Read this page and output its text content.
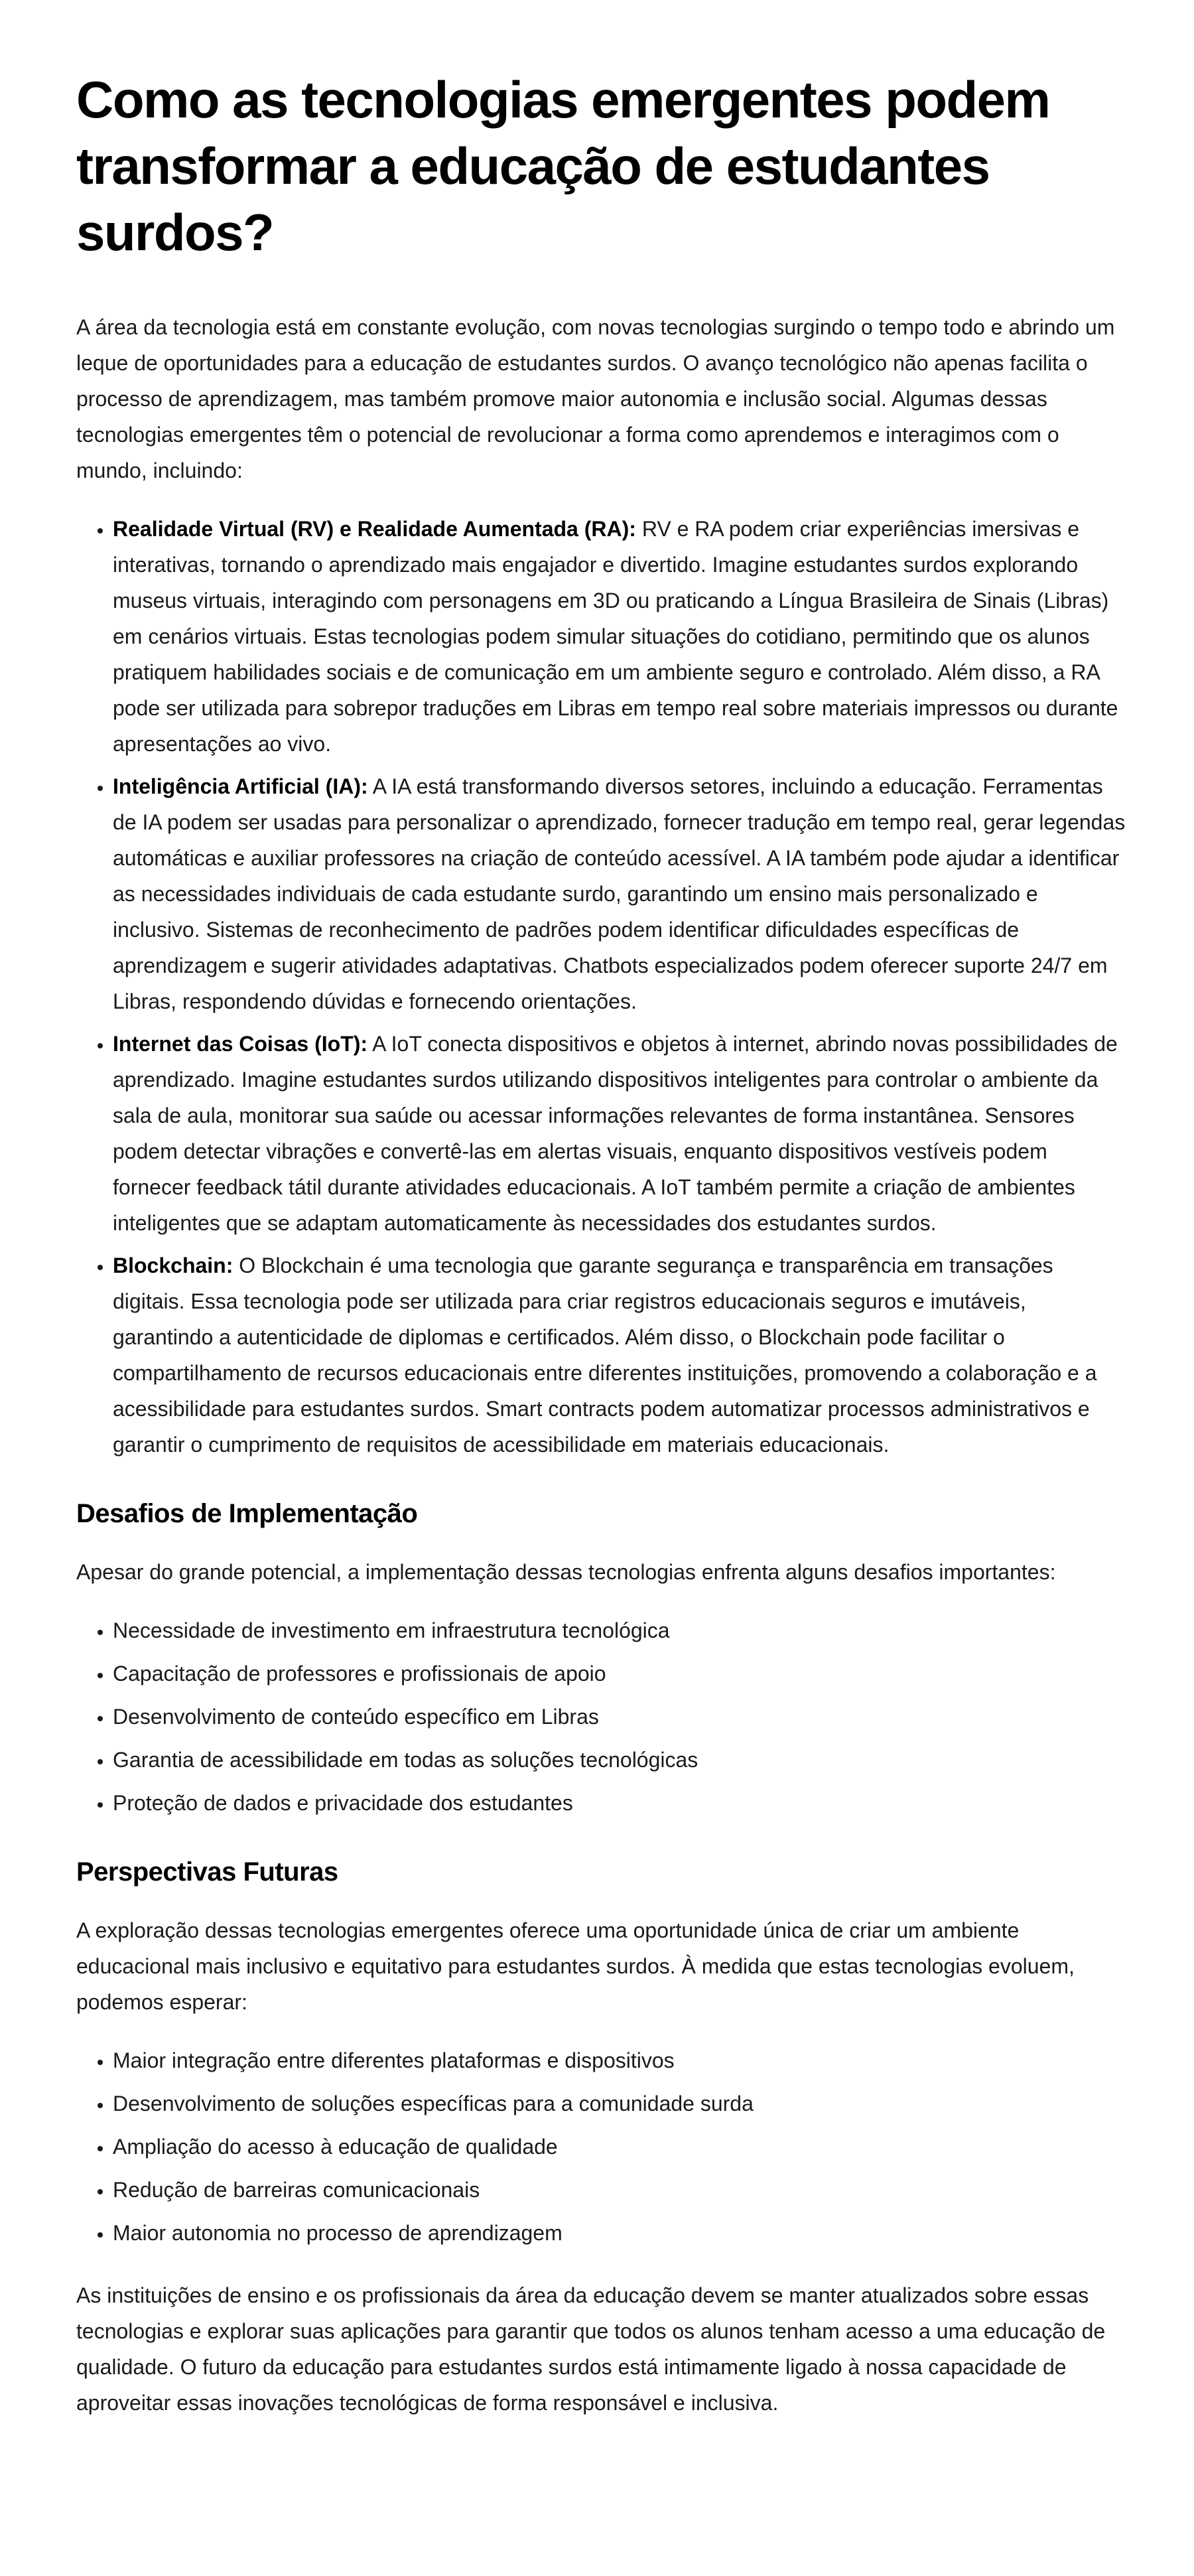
Como as tecnologias emergentes podem transformar a educação de estudantes surdos?

A área da tecnologia está em constante evolução, com novas tecnologias surgindo o tempo todo e abrindo um leque de oportunidades para a educação de estudantes surdos. O avanço tecnológico não apenas facilita o processo de aprendizagem, mas também promove maior autonomia e inclusão social. Algumas dessas tecnologias emergentes têm o potencial de revolucionar a forma como aprendemos e interagimos com o mundo, incluindo:

• Realidade Virtual (RV) e Realidade Aumentada (RA): RV e RA podem criar experiências imersivas e interativas, tornando o aprendizado mais engajador e divertido. Imagine estudantes surdos explorando museus virtuais, interagindo com personagens em 3D ou praticando a Língua Brasileira de Sinais (Libras) em cenários virtuais. Estas tecnologias podem simular situações do cotidiano, permitindo que os alunos pratiquem habilidades sociais e de comunicação em um ambiente seguro e controlado. Além disso, a RA pode ser utilizada para sobrepor traduções em Libras em tempo real sobre materiais impressos ou durante apresentações ao vivo.
• Inteligência Artificial (IA): A IA está transformando diversos setores, incluindo a educação. Ferramentas de IA podem ser usadas para personalizar o aprendizado, fornecer tradução em tempo real, gerar legendas automáticas e auxiliar professores na criação de conteúdo acessível. A IA também pode ajudar a identificar as necessidades individuais de cada estudante surdo, garantindo um ensino mais personalizado e inclusivo. Sistemas de reconhecimento de padrões podem identificar dificuldades específicas de aprendizagem e sugerir atividades adaptativas. Chatbots especializados podem oferecer suporte 24/7 em Libras, respondendo dúvidas e fornecendo orientações.
• Internet das Coisas (IoT): A IoT conecta dispositivos e objetos à internet, abrindo novas possibilidades de aprendizado. Imagine estudantes surdos utilizando dispositivos inteligentes para controlar o ambiente da sala de aula, monitorar sua saúde ou acessar informações relevantes de forma instantânea. Sensores podem detectar vibrações e convertê-las em alertas visuais, enquanto dispositivos vestíveis podem fornecer feedback tátil durante atividades educacionais. A IoT também permite a criação de ambientes inteligentes que se adaptam automaticamente às necessidades dos estudantes surdos.
• Blockchain: O Blockchain é uma tecnologia que garante segurança e transparência em transações digitais. Essa tecnologia pode ser utilizada para criar registros educacionais seguros e imutáveis, garantindo a autenticidade de diplomas e certificados. Além disso, o Blockchain pode facilitar o compartilhamento de recursos educacionais entre diferentes instituições, promovendo a colaboração e a acessibilidade para estudantes surdos. Smart contracts podem automatizar processos administrativos e garantir o cumprimento de requisitos de acessibilidade em materiais educacionais.
Desafios de Implementação

Apesar do grande potencial, a implementação dessas tecnologias enfrenta alguns desafios importantes:

• Necessidade de investimento em infraestrutura tecnológica
• Capacitação de professores e profissionais de apoio
• Desenvolvimento de conteúdo específico em Libras
• Garantia de acessibilidade em todas as soluções tecnológicas
• Proteção de dados e privacidade dos estudantes
Perspectivas Futuras

A exploração dessas tecnologias emergentes oferece uma oportunidade única de criar um ambiente educacional mais inclusivo e equitativo para estudantes surdos. À medida que estas tecnologias evoluem, podemos esperar:

• Maior integração entre diferentes plataformas e dispositivos
• Desenvolvimento de soluções específicas para a comunidade surda
• Ampliação do acesso à educação de qualidade
• Redução de barreiras comunicacionais
• Maior autonomia no processo de aprendizagem

As instituições de ensino e os profissionais da área da educação devem se manter atualizados sobre essas tecnologias e explorar suas aplicações para garantir que todos os alunos tenham acesso a uma educação de qualidade. O futuro da educação para estudantes surdos está intimamente ligado à nossa capacidade de aproveitar essas inovações tecnológicas de forma responsável e inclusiva.
